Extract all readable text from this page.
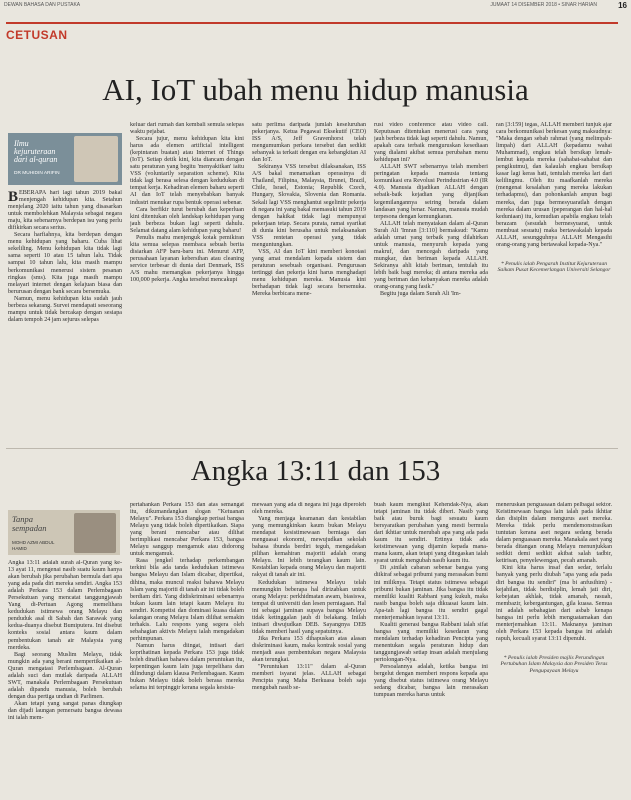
DEWAN BAHASA DAN PUSTAKA	JUMAAT 14 DISEMBER 2018 • SINAR HARIAN	16
CETUSAN
AI, IoT ubah menu hidup manusia
Ilmu kejuruteraan dari al-quran
DR MUHIDIN ARIFIN

BEBERAPA hari lagi tahun 2019 bakal menjengah kehidupan kita. Setahun menjelang 2020 iaitu tahun yang disasarkan untuk membolehkan Malaysia sebagai negara maju, kita sebenarnya berdepan isu yang perlu difikirkan secara serius.

Secara harfiahnya, kita berdepan dengan menu kehidupan yang baharu. Cuba lihat sekeliling. Menu kehidupan kita tidak lagi sama seperti 10 atau 15 tahun lalu. Tidak sampai 10 tahun lalu, kita masih mampu berkomunikasi menerusi sistem pesanan ringkas (sms). Kita juga masih mampu melayari internet dengan kelajuan biasa dan berurusan dengan bank secara bersemuka.

Namun, menu kehidupan kita sudah jauh berbeza sekarang. Survei mendapati seseorang mampu untuk tidak bercakap dengan sesiapa dalam tempoh 24 jam sejurus selepas

keluar dari rumah dan kembali semula selepas waktu pejabat.

Secara jujur, menu kehidupan kita kini harus ada elemen artificial intelligent (kepintaran buatan) atau Internet of Things (IoT). Setiap detik kini, kita diancam dengan satu peraturan yang begitu 'menyakitkan' iaitu VSS (voluntarily separation scheme). Kita tidak lagi berasa selesa dengan kedudukan di tempat kerja. Kehadiran elemen baharu seperti AI dan IoT telah menyebabkan banyak industri menukar rupa bentuk operasi sebenar.

Cara berfikir turut berubah dan keperluan kini ditentukan oleh landskap kehidupan yang jauh berbeza bukan lagi seperti dahulu. Selamat datang alam kehidupan yang baharu!

Penulis mahu menjenguk kotak pemikiran kita semua selepas membaca sebuah berita disiarkan AFP baru-baru ini. Menurut AFP, perusahaan layanan kebersihan atau cleaning service terbesar di dunia dari Denmark, ISS A/S mahu memangkas pekerjanya hingga 100,000 pekerja. Angka tersebut mencakupi

satu perlima daripada jumlah keseluruhan pekerjanya. Ketua Pegawai Eksekutif (CEO) ISS A/S, Jeff Gravenhorst telah mengumumkan perkara tersebut dan sedikit sebanyak ia terkait dengan era kebangkitan AI dan IoT.

Sekiranya VSS tersebut dilaksanakan, ISS A/S bakal menamatkan operasinya di Thailand, Filipina, Malaysia, Brunei, Brazil, Chile, Israel, Estonia; Republik Czech, Hungary, Slovakia, Slovenia dan Romania. Sekali lagi VSS menghantui segelintir pekerja di negara ini yang bakal memasuki tahun 2019 dengan hakikat tidak lagi mempunyai pekerjaan tetap. Secara purata, ramai syarikat di dunia kini berusaha untuk melaksanakan VSS rentetan operasi yang tidak menguntungkan.

VSS, AI dan IoT kini memberi konotasi yang amat mendalam kepada sistem dan peraturan sesebuah organisasi. Pengurusan tertinggi dan pekerja kini harus menghadapi menu kehidupan mereka. Manusia kini berhadapan tidak lagi secara bersemuka. Mereka berbicara mene-

rusi video conference atau video call. Keputusan ditentukan menerusi cara yang jauh berbeza tidak lagi seperti dahulu. Namun, apakah cara terbaik menguruskan kesediaan yang dialami akibat semua perubahan menu kehidupan ini?

ALLAH SWT sebenarnya telah memberi peringatan kepada manusia tentang komunikasi era Revolusi Perindustrian 4.0 (IR 4.0). Manusia dijadikan ALLAH dengan sebaik-baik kejadian yang dijanjikan kegemilangannya seiring berada dalam landasan yang benar. Namun, manusia mudah terpesona dengan kemungkaran.

ALLAH telah menyatakan dalam al-Quran Surah Ali 'Imran [3:110] bermaksud: "Kamu adalah umat yang terbaik yang dilahirkan untuk manusia, menyuruh kepada yang makruf, dan mencegah daripada yang mungkar, dan beriman kepada ALLAH. Sekiranya ahli kitab beriman, tentulah itu lebih baik bagi mereka; di antara mereka ada yang beriman dan kebanyakan mereka adalah orang-orang yang fasik."

Begitu juga dalam Surah Ali 'Im-

ran [3:159] tegas, ALLAH memberi tunjuk ajar cara berkomunikasi berkesan yang maksudnya: "Maka dengan sebab rahmat (yang melimpah-limpah) dari ALLAH (kepadamu wahai Muhammad), engkau telah bersikap lemah-lembut kepada mereka (sahabat-sahabat dan pengikutmu), dan kalaulah engkau bersikap kasar lagi keras hati, tentulah mereka lari dari kelilingmu. Oleh itu maafkanlah mereka (mengenai kesalahan yang mereka lakukan terhadapmu), dan pohonkanlah ampun bagi mereka, dan juga bermesyuaratlah dengan mereka dalam urusan (peperangan dan hal-hal keduniaan) itu, kemudian apabila engkau telah berazam (sesudah bermesyuarat, untuk membuat sesuatu) maka bertawakalah kepada ALLAH, sesungguhnya ALLAH Mengasihi orang-orang yang bertawakal kepada-Nya."

* Penulis ialah Pengarah Institut Kejuruteraan Saikam Pusat Kecemerlangan Universiti Selangor
Angka 13:11 dan 153
Tanpa sempadan
MOHD AZMI ABDUL HAMID

Angka 13:11 adalah surah al-Quran yang ke-13 ayat 11, mengenai nasib suatu kaum hanya akan berubah jika perubahan bermula dari apa yang ada pada diri mereka sendiri. Angka 153 adalah Perkara 153 dalam Perlembagaan Persekutuan yang mencatat tanggungjawab Yang di-Pertuan Agong memelihara kedudukan istimewa orang Melayu dan penduduk asal di Sabah dan Sarawak yang kedua-duanya disebut Bumiputera. Ini disebut konteks sosial antara kaum dalam pembentukan tanah air Malaysia yang merdeka.

Bagi seorang Muslim Melayu, tidak mungkin ada yang berani mempertikaikan al-Quran mengatasi Perlembagaan. Al-Quran adalah suci dan mutlak daripada ALLAH SWT, manakala Perlembagaan Persekutuan adalah dipandu manusia, boleh berubah dengan dua pertiga undian di Parlimen.

Akan tetapi yang sangat panas diungkap dan dijadi laungan pemersatu bangsa dewasa ini ialah mem-

pertahankan Perkara 153 dan atas semangat itu, dikumandangkan slogan "Ketuanan Melayu". Perkara 153 diangkap perisai bangsa Melayu yang tidak boleh dipertikaikan. Siapa yang berani mencabar atau dilihat berimplikasi mencabar Perkara 153, bangsa Melayu sanggup mengamuk atau didorong untuk mengamuk.

Rasa jengkel terhadap perkembangan terkini bila ada tanda kedudukan istimewa bangsa Melayu dan Islam dicabar, dipertikai, dihina, maka muncul reaksi bahawa Melayu Islam yang majoriti di tanah air ini tidak boleh berdiam diri. Yang didiskriminasi sebenarnya bukan kaum lain tetapi kaum Melayu itu sendiri. Kompetisi dan dominasi kuasa dalam kalangan orang Melayu Islam dilihat semakin terhakis. Lalu respons yang segera oleh sebahagian aktivis Melayu ialah mengadakan perhimpunan.

Namun harus diingat, intisari dari keprihatinan kepada Perkara 153 juga tidak boleh dinafikan bahawa dalam peruntukan itu, kepentingan kaum lain juga terpelihara dan dilindungi dalam klausa Perlembagaan. Kaum bukan Melayu tidak boleh berasa mereka selama ini terpinggir kerana segala kesista-

mewaan yang ada di negara ini juga diperoleh oleh mereka.

Yang menjaga keamanan dan kestabilan yang memungkinkan kaum bukan Melayu mendapat kesistimewaan berniaga dan menguasai ekonomi, mewujudkan sekolah bahasa ibunda berdiri teguh, mengadakan pilihan kemahiran majoriti adalah orang Melayu. Ini lebih terangkan kaum lain. Kestabilan kepada orang Melayu dan majoriti rakyat di tanah air ini.

Kedudukan istimewa Melayu telah memungkin beberapa hal dirizabkan untuk orang Melayu: perkhidmatan awam, biasiswa, tempat di universiti dan lesen perniagaan. Hal ini sebagai jaminan supaya bangsa Melayu tidak ketinggalan jauh di belakang. Inilah intisari diwujudkan DEB. Sayangnya DEB tidak memberi hasil yang sepatutnya.

Jika Perkara 153 dihapuskan atas alasan diskriminasi kaum, maka kontrak sosial yang menjadi asas pembentukan negara Malaysia akan terungkai.

"Peruntukan 13:11" dalam al-Quran memberi isyarat jelas. ALLAH sebagai Pencipta yang Maha Berkuasa boleh saja mengubah nasib se-

buah kaum mengikut Kehendak-Nya, akan tetapi jaminan itu tidak diberi. Nasib yang baik atau buruk bagi sesuatu kaum bersyaratkan perubahan yang mesti bermula dari ikhtiar untuk merubah apa yang ada pada kaum itu sendiri. Ertinya tidak ada keistimewaan yang dijamin kepada mana-mana kaum, akan tetapi yang ditegaskan ialah syarat untuk mengubah nasib kaum itu.

Di ,sinilah cabaran sebenar bangsa yang diikiraf sebagai pribumi yang merasakan bumi ini miliknya. Tetapi status istimewa sebagai pribumi bukan jaminan. Jika bangsa itu tidak memiliki kualiti Rabbani yang kukuh, maka nasib bangsa boleh saja dikuasai kaum lain. Apa-tah lagi bangsa itu sendiri gagal menterjemahkan isyarat 13:11.

Kualiti generasi bangsa Rabbani ialah sifat bangsa yang memiliki kesedaran yang mendalam terhadap kehadiran Pencipta yang menentukan segala peraturan hidup dan tanggungjawab setiap insan adalah menjulang pertolongan-Nya.

Persoalannya adalah, ketika bangsa ini bergelut dengan memberi respons kepada apa yang disebut status istimewa orang Melayu sedang dicabar, bangsa lain merasakan tumpuan mereka harus untuk

meneruskan penguasaan dalam pelbagai sektor. Keistimewaan bangsa lain ialah pada ikhtiar dan disiplin dalam mengurus aset mereka. Mereka tidak perlu mendemonstrasikan tuntutan kerana aset negara sedang berada dalam penguasaan mereka. Manakala aset yang berada ditangan orang Melayu menunjukkan sedikit demi sedikit akibat salah tadbir, ketirisan, penyelewengan, pecah amanah.

Kini kita harus insaf dan sedar, terlalu banyak yang perlu diubah "apa yang ada pada diri bangsa itu sendiri" (ma bi anfusihim) - kejahilan, tidak berdisiplin, lemah jati diri, kebejatan akhlak, tidak amanah, rasuah, membazir, kebergantungan, gila kuasa. Semua ini adalah sebahagian dari asbab kenapa bangsa ini perlu lebih menguatamakan dan menterjemahkan 13:11. Maknanya jaminan oleh Perkara 153 kepada bangsa ini adalah rapuh, kecuali syarat 13:11 dipenuhi.

* Penulis ialah Presiden majlis Perundingan Pertubuhan Islam Malaysia dan Presiden Teras Pengupayaan Melayu
